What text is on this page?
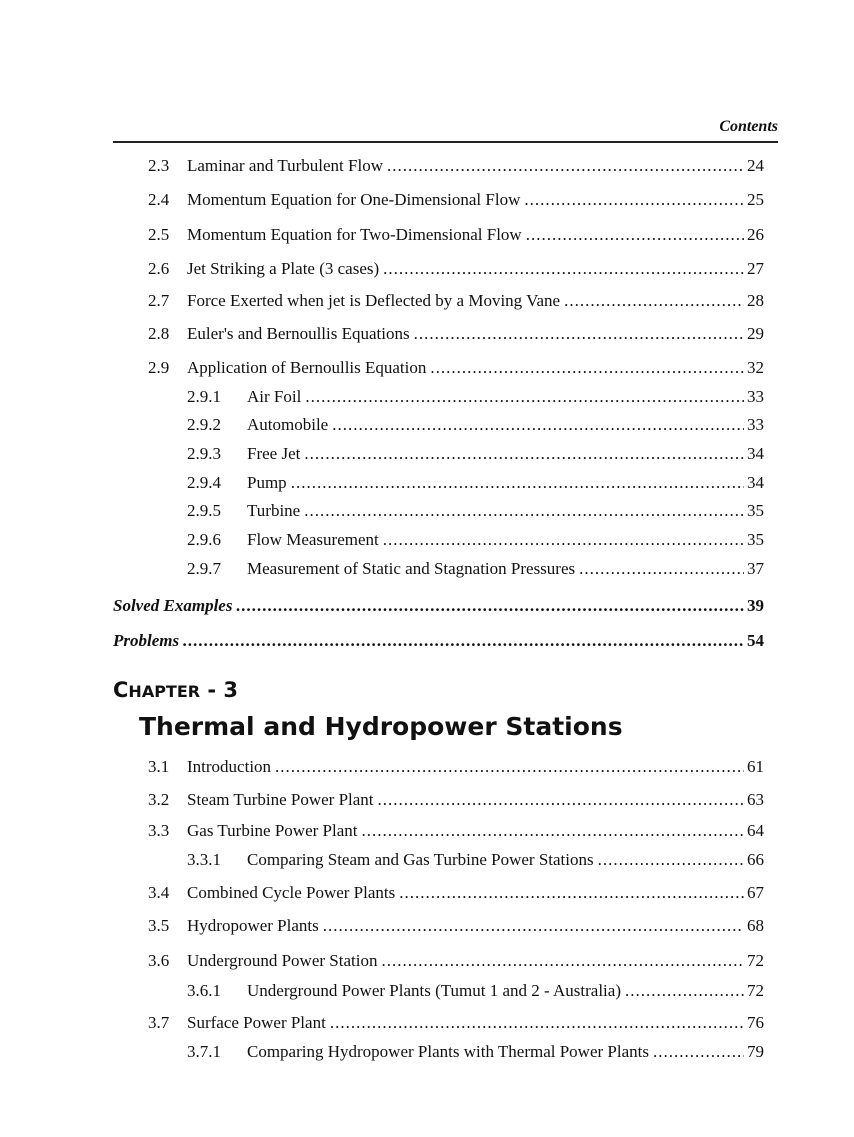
Contents
2.3 Laminar and Turbulent Flow .....	24
2.4 Momentum Equation for One-Dimensional Flow .....	25
2.5 Momentum Equation for Two-Dimensional Flow .....	26
2.6 Jet Striking a Plate (3 cases) .....	27
2.7 Force Exerted when jet is Deflected by a Moving Vane .....	28
2.8 Euler's and Bernoullis Equations .....	29
2.9 Application of Bernoullis Equation .....	32
2.9.1 Air Foil .....	33
2.9.2 Automobile .....	33
2.9.3 Free Jet .....	34
2.9.4 Pump .....	34
2.9.5 Turbine .....	35
2.9.6 Flow Measurement .....	35
2.9.7 Measurement of Static and Stagnation Pressures .....	37
Solved Examples .....	39
Problems .....	54
CHAPTER - 3
Thermal and Hydropower Stations
3.1 Introduction .....	61
3.2 Steam Turbine Power Plant .....	63
3.3 Gas Turbine Power Plant .....	64
3.3.1 Comparing Steam and Gas Turbine Power Stations .....	66
3.4 Combined Cycle Power Plants .....	67
3.5 Hydropower Plants .....	68
3.6 Underground Power Station .....	72
3.6.1 Underground Power Plants (Tumut 1 and 2 - Australia) .....	72
3.7 Surface Power Plant .....	76
3.7.1 Comparing Hydropower Plants with Thermal Power Plants .....	79
